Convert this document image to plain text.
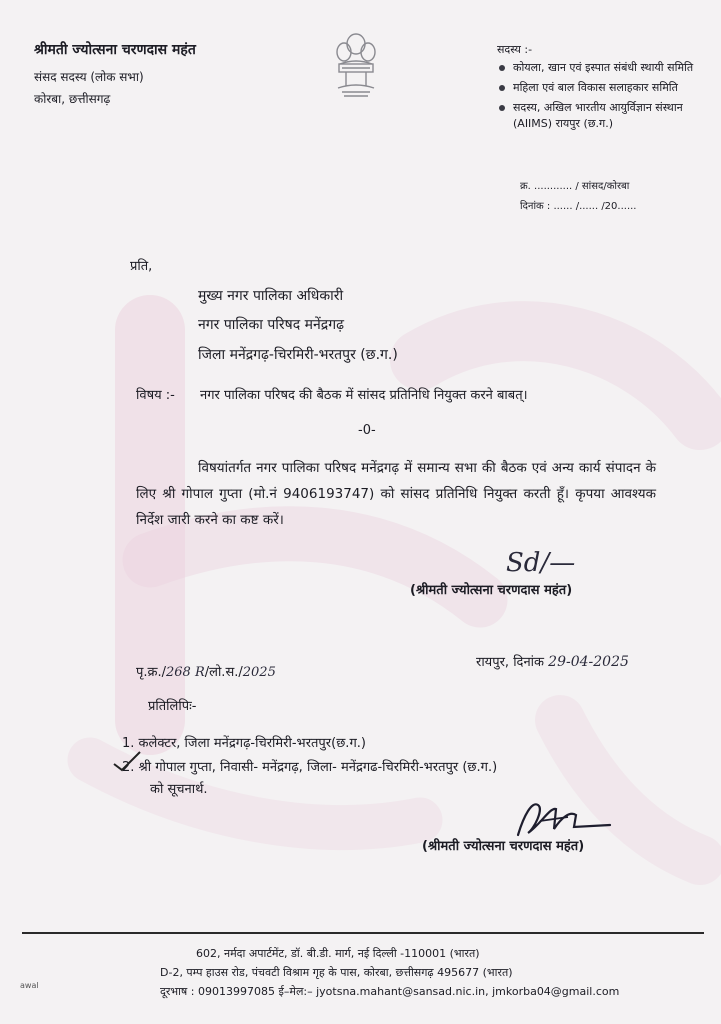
श्रीमती ज्योत्सना चरणदास महंत
संसद सदस्य (लोक सभा)
कोरबा, छत्तीसगढ़
सदस्य :-
कोयला, खान एवं इस्पात संबंधी स्थायी समिति
महिला एवं बाल विकास सलाहकार समिति
सदस्य, अखिल भारतीय आयुर्विज्ञान संस्थान (AIIMS) रायपुर (छ.ग.)
क्र. ............ / सांसद/कोरबा
दिनांक : ...... /...... /20......
प्रति,
मुख्य नगर पालिका अधिकारी
नगर पालिका परिषद मनेंद्रगढ़
जिला मनेंद्रगढ़-चिरमिरी-भरतपुर (छ.ग.)
विषय :- नगर पालिका परिषद की बैठक में सांसद प्रतिनिधि नियुक्त करने बाबत्।
-0-
विषयांतर्गत नगर पालिका परिषद मनेंद्रगढ़ में समान्य सभा की बैठक एवं अन्य कार्य संपादन के लिए श्री गोपाल गुप्ता (मो.नं 9406193747) को सांसद प्रतिनिधि नियुक्त करती हूँ। कृपया आवश्यक निर्देश जारी करने का कष्ट करें।
Sd/—
(श्रीमती ज्योत्सना चरणदास महंत)
पृ.क्र./268 R/लो.स./2025
रायपुर, दिनांक 29-04-2025
प्रतिलिपिः-
1. कलेक्टर, जिला मनेंद्रगढ़-चिरमिरी-भरतपुर(छ.ग.)
2. श्री गोपाल गुप्ता, निवासी- मनेंद्रगढ़, जिला- मनेंद्रगढ-चिरमिरी-भरतपुर (छ.ग.)
को सूचनार्थ.
(श्रीमती ज्योत्सना चरणदास महंत)
602, नर्मदा अपार्टमेंट, डॉ. बी.डी. मार्ग, नई दिल्ली -110001 (भारत)
D-2, पम्प हाउस रोड, पंचवटी विश्राम गृह के पास, कोरबा, छत्तीसगढ़ 495677 (भारत)
दूरभाष : 09013997085 ई–मेल:– jyotsna.mahant@sansad.nic.in, jmkorba04@gmail.com
awal
